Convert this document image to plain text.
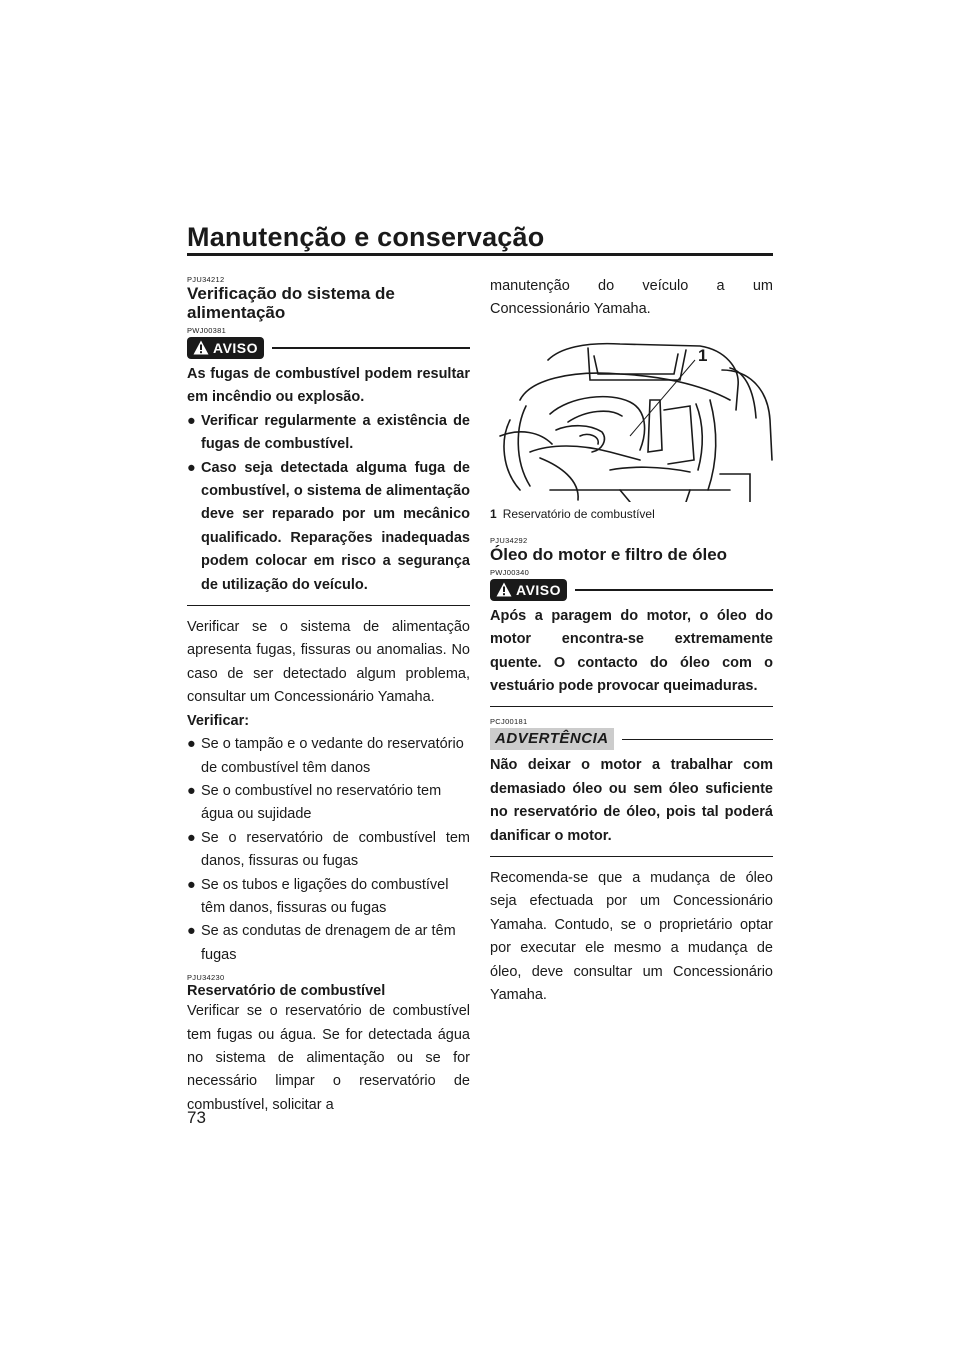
Manutenção e conservação

PJU34212

Verificação do sistema de
alimentação

PWJ00381

AVISO

As fugas de combustível podem resultar em incêndio ou explosão.

● Verificar regularmente a existência de fugas de combustível.
● Caso seja detectada alguma fuga de combustível, o sistema de alimentação deve ser reparado por um mecânico qualificado. Reparações inadequadas podem colocar em risco a segurança de utilização do veículo.

Verificar se o sistema de alimentação apresenta fugas, fissuras ou anomalias. No caso de ser detectado algum problema, consultar um Concessionário Yamaha.

Verificar:

● Se o tampão e o vedante do reservatório de combustível têm danos
● Se o combustível no reservatório tem água ou sujidade
● Se o reservatório de combustível tem danos, fissuras ou fugas
● Se os tubos e ligações do combustível têm danos, fissuras ou fugas
● Se as condutas de drenagem de ar têm fugas

PJU34230

Reservatório de combustível

Verificar se o reservatório de combustível tem fugas ou água. Se for detectada água no sistema de alimentação ou se for necessário limpar o reservatório de combustível, solicitar a

manutenção do veículo a um Concessionário Yamaha.

1
1 Reservatório de combustível

PJU34292

Óleo do motor e filtro de óleo

PWJ00340

AVISO

Após a paragem do motor, o óleo do motor encontra-se extremamente quente. O contacto do óleo com o vestuário pode provocar queimaduras.

PCJ00181

ADVERTÊNCIA

Não deixar o motor a trabalhar com demasiado óleo ou sem óleo suficiente no reservatório de óleo, pois tal poderá danificar o motor.

Recomenda-se que a mudança de óleo seja efectuada por um Concessionário Yamaha. Contudo, se o proprietário optar por executar ele mesmo a mudança de óleo, deve consultar um Concessionário Yamaha.

73
